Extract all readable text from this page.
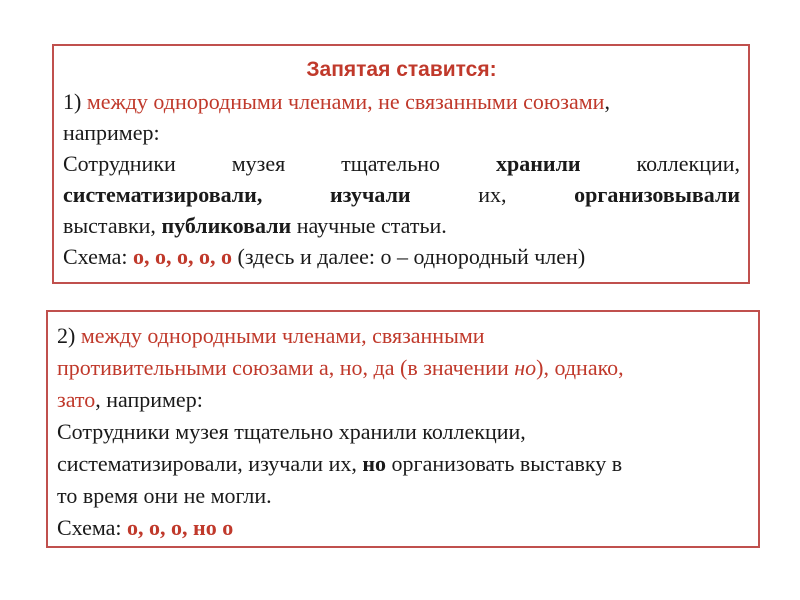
Запятая ставится:
1) между однородными членами, не связанными союзами,
например:
Сотрудники	музея	тщательно	хранили	коллекции,
систематизировали,	изучали	их,	организовывали
выставки, публиковали научные статьи.
Схема: о, о, о, о, о (здесь и далее: о – однородный член)
2) между однородными членами, связанными
противительными союзами а, но, да (в значении но), однако,
зато, например:
Сотрудники музея тщательно хранили коллекции,
систематизировали, изучали их, но организовать выставку в
то время они не могли.
Схема: о, о, о, но о
